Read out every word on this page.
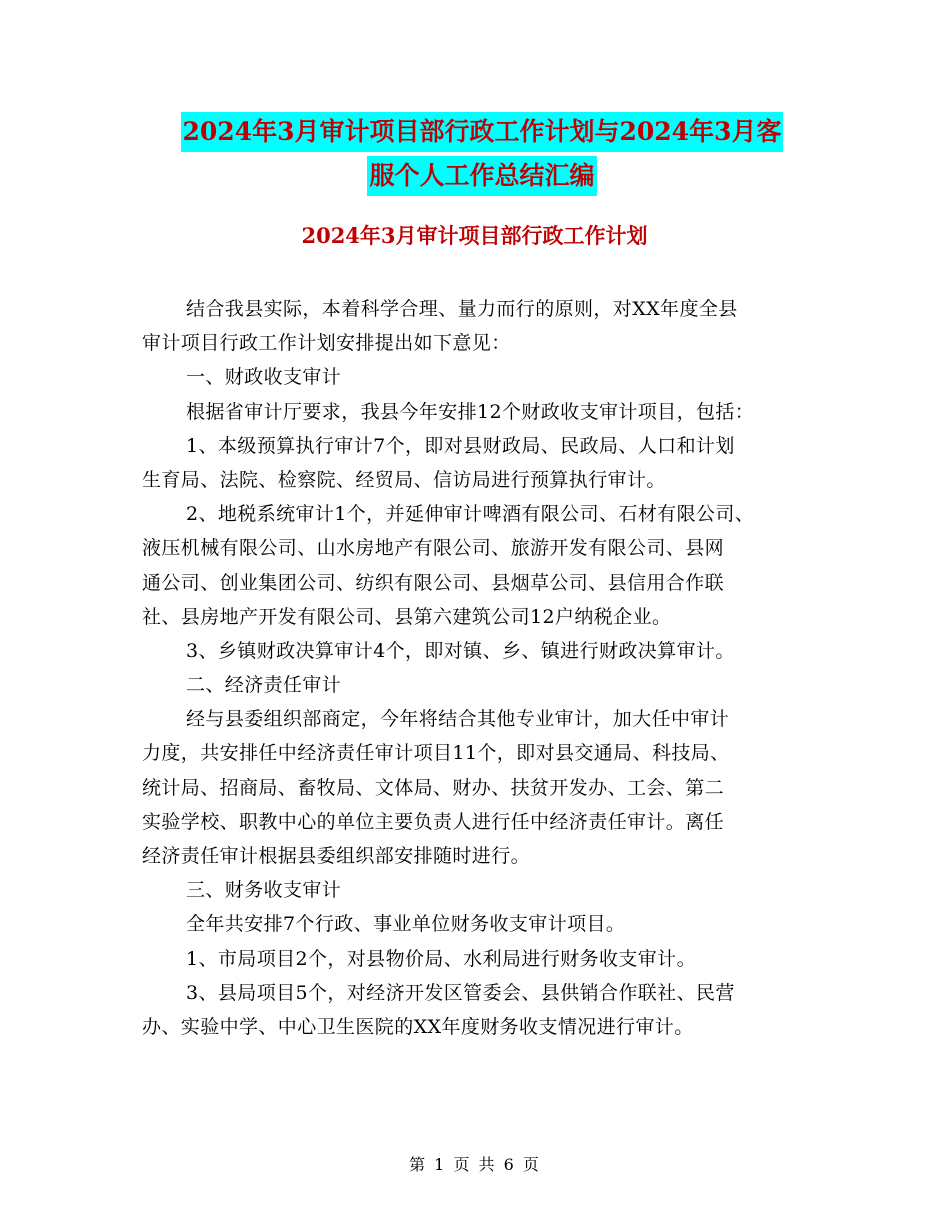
2024年3月审计项目部行政工作计划与2024年3月客
服个人工作总结汇编
2024年3月审计项目部行政工作计划
结合我县实际，本着科学合理、量力而行的原则，对XX年度全县
审计项目行政工作计划安排提出如下意见：
一、财政收支审计
根据省审计厅要求，我县今年安排12个财政收支审计项目，包括：
1、本级预算执行审计7个，即对县财政局、民政局、人口和计划
生育局、法院、检察院、经贸局、信访局进行预算执行审计。
2、地税系统审计1个，并延伸审计啤酒有限公司、石材有限公司、
液压机械有限公司、山水房地产有限公司、旅游开发有限公司、县网
通公司、创业集团公司、纺织有限公司、县烟草公司、县信用合作联
社、县房地产开发有限公司、县第六建筑公司12户纳税企业。
3、乡镇财政决算审计4个，即对镇、乡、镇进行财政决算审计。
二、经济责任审计
经与县委组织部商定，今年将结合其他专业审计，加大任中审计
力度，共安排任中经济责任审计项目11个，即对县交通局、科技局、
统计局、招商局、畜牧局、文体局、财办、扶贫开发办、工会、第二
实验学校、职教中心的单位主要负责人进行任中经济责任审计。离任
经济责任审计根据县委组织部安排随时进行。
三、财务收支审计
全年共安排7个行政、事业单位财务收支审计项目。
1、市局项目2个，对县物价局、水利局进行财务收支审计。
3、县局项目5个，对经济开发区管委会、县供销合作联社、民营
办、实验中学、中心卫生医院的XX年度财务收支情况进行审计。
第 1 页 共 6 页
